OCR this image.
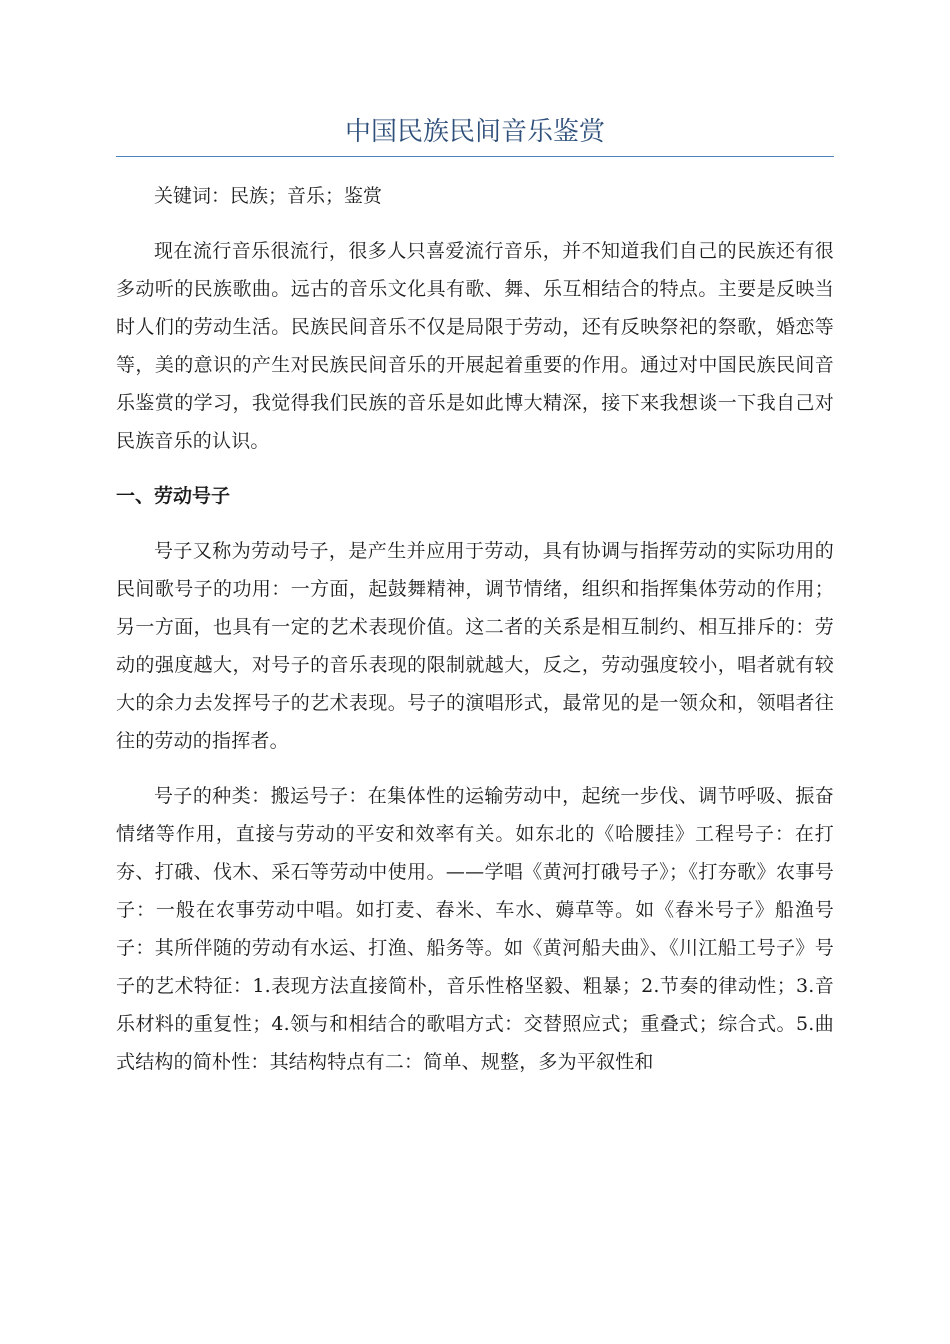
中国民族民间音乐鉴赏

关键词：民族；音乐；鉴赏

现在流行音乐很流行，很多人只喜爱流行音乐，并不知道我们自己的民族还有很多动听的民族歌曲。远古的音乐文化具有歌、舞、乐互相结合的特点。主要是反映当时人们的劳动生活。民族民间音乐不仅是局限于劳动，还有反映祭祀的祭歌，婚恋等等，美的意识的产生对民族民间音乐的开展起着重要的作用。通过对中国民族民间音乐鉴赏的学习，我觉得我们民族的音乐是如此博大精深，接下来我想谈一下我自己对民族音乐的认识。

一、劳动号子

号子又称为劳动号子，是产生并应用于劳动，具有协调与指挥劳动的实际功用的民间歌号子的功用：一方面，起鼓舞精神，调节情绪，组织和指挥集体劳动的作用；另一方面，也具有一定的艺术表现价值。这二者的关系是相互制约、相互排斥的：劳动的强度越大，对号子的音乐表现的限制就越大，反之，劳动强度较小，唱者就有较大的余力去发挥号子的艺术表现。号子的演唱形式，最常见的是一领众和，领唱者往往的劳动的指挥者。

号子的种类：搬运号子：在集体性的运输劳动中，起统一步伐、调节呼吸、振奋情绪等作用，直接与劳动的平安和效率有关。如东北的《哈腰挂》工程号子：在打夯、打硪、伐木、采石等劳动中使用。——学唱《黄河打硪号子》；《打夯歌》农事号子：一般在农事劳动中唱。如打麦、舂米、车水、薅草等。如《舂米号子》船渔号子：其所伴随的劳动有水运、打渔、船务等。如《黄河船夫曲》、《川江船工号子》号子的艺术特征：1.表现方法直接简朴，音乐性格坚毅、粗暴；2.节奏的律动性；3.音乐材料的重复性；4.领与和相结合的歌唱方式：交替照应式；重叠式；综合式。5.曲式结构的简朴性：其结构特点有二：简单、规整，多为平叙性和
